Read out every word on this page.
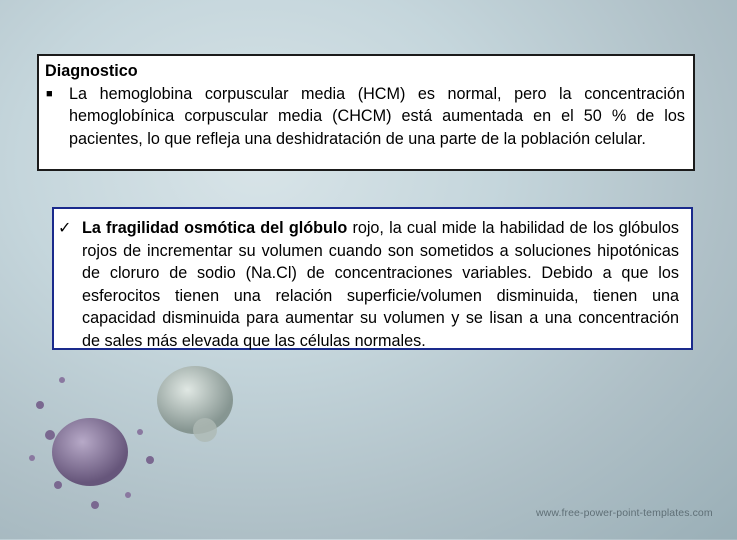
Diagnostico
■	La hemoglobina corpuscular media (HCM) es normal, pero la concentración hemoglobínica corpuscular media (CHCM) está aumentada en el 50 % de los pacientes, lo que refleja una deshidratación de una parte de la población celular.
✓ La fragilidad osmótica del glóbulo rojo, la cual mide la habilidad de los glóbulos rojos de incrementar su volumen cuando son sometidos a soluciones hipotónicas de cloruro de sodio (Na.Cl) de concentraciones variables. Debido a que los esferocitos tienen una relación superficie/volumen disminuida, tienen una capacidad disminuida para aumentar su volumen y se lisan a una concentración de sales más elevada que las células normales.
www.free-power-point-templates.com
